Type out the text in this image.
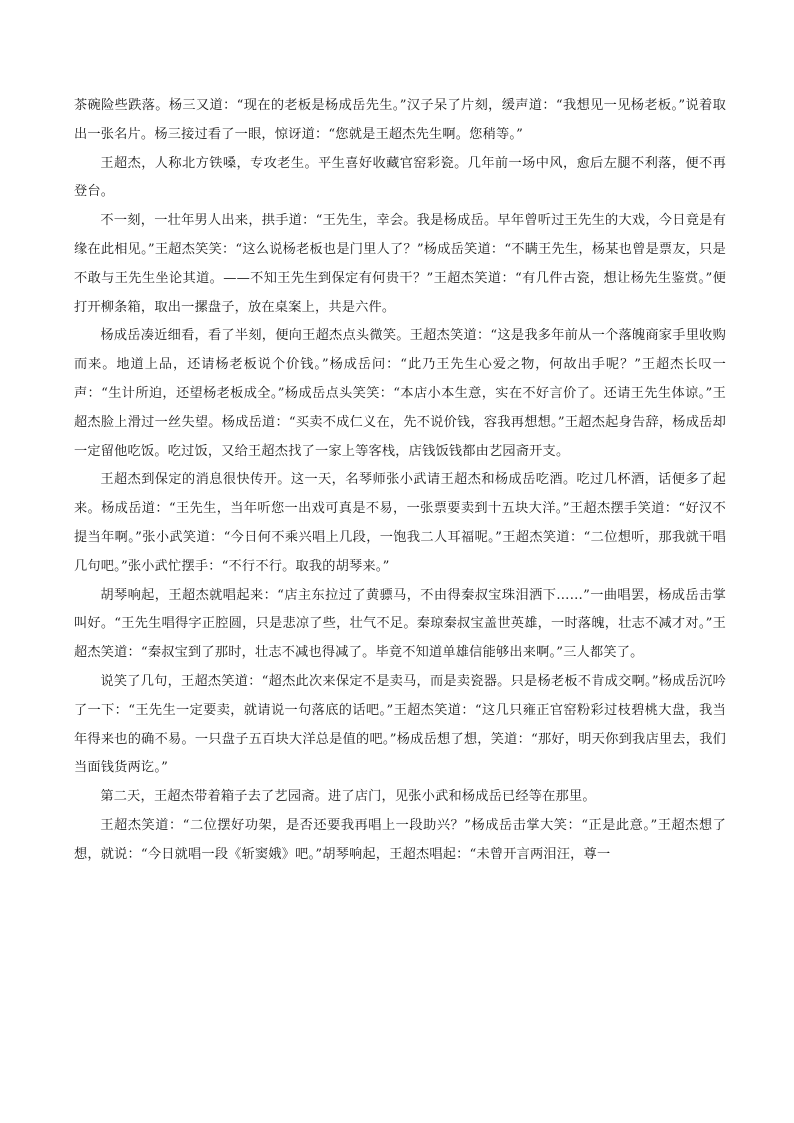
茶碗险些跌落。杨三又道：“现在的老板是杨成岳先生。”汉子呆了片刻，缓声道：“我想见一见杨老板。”说着取出一张名片。杨三接过看了一眼，惊讶道：“您就是王超杰先生啊。您稍等。”

王超杰，人称北方铁嗓，专攻老生。平生喜好收藏官窑彩瓷。几年前一场中风，愈后左腿不利落，便不再登台。

不一刻，一壮年男人出来，拱手道：“王先生，幸会。我是杨成岳。早年曾听过王先生的大戏，今日竟是有缘在此相见。”王超杰笑笑：“这么说杨老板也是门里人了？”杨成岳笑道：“不瞒王先生，杨某也曾是票友，只是不敢与王先生坐论其道。——不知王先生到保定有何贵干？”王超杰笑道：“有几件古瓷，想让杨先生鉴赏。”便打开柳条箱，取出一摞盘子，放在桌案上，共是六件。

杨成岳凑近细看，看了半刻，便向王超杰点头微笑。王超杰笑道：“这是我多年前从一个落魄商家手里收购而来。地道上品，还请杨老板说个价钱。”杨成岳问：“此乃王先生心爱之物，何故出手呢？”王超杰长叹一声：“生计所迫，还望杨老板成全。”杨成岳点头笑笑：“本店小本生意，实在不好言价了。还请王先生体谅。”王超杰脸上滑过一丝失望。杨成岳道：“买卖不成仁义在，先不说价钱，容我再想想。”王超杰起身告辞，杨成岳却一定留他吃饭。吃过饭，又给王超杰找了一家上等客栈，店钱饭钱都由艺园斋开支。

王超杰到保定的消息很快传开。这一天，名琴师张小武请王超杰和杨成岳吃酒。吃过几杯酒，话便多了起来。杨成岳道：“王先生，当年听您一出戏可真是不易，一张票要卖到十五块大洋。”王超杰摆手笑道：“好汉不提当年啊。”张小武笑道：“今日何不乘兴唱上几段，一饱我二人耳福呢。”王超杰笑道：“二位想听，那我就干唱几句吧。”张小武忙摆手：“不行不行。取我的胡琴来。”

胡琴响起，王超杰就唱起来：“店主东拉过了黄骠马，不由得秦叔宝珠泪洒下……”一曲唱罢，杨成岳击掌叫好。“王先生唱得字正腔圆，只是悲凉了些，壮气不足。秦琼秦叔宝盖世英雄，一时落魄，壮志不减才对。”王超杰笑道：“秦叔宝到了那时，壮志不减也得减了。毕竟不知道单雄信能够出来啊。”三人都笑了。

说笑了几句，王超杰笑道：“超杰此次来保定不是卖马，而是卖瓷器。只是杨老板不肯成交啊。”杨成岳沉吟了一下：“王先生一定要卖，就请说一句落底的话吧。”王超杰笑道：“这几只雍正官窑粉彩过枝碧桃大盘，我当年得来也的确不易。一只盘子五百块大洋总是值的吧。”杨成岳想了想，笑道：“那好，明天你到我店里去，我们当面钱货两讫。”

第二天，王超杰带着箱子去了艺园斋。进了店门，见张小武和杨成岳已经等在那里。

王超杰笑道：“二位摆好功架，是否还要我再唱上一段助兴？”杨成岳击掌大笑：“正是此意。”王超杰想了想，就说：“今日就唱一段《斩窦娥》吧。”胡琴响起，王超杰唱起：“未曾开言两泪汪，尊一
